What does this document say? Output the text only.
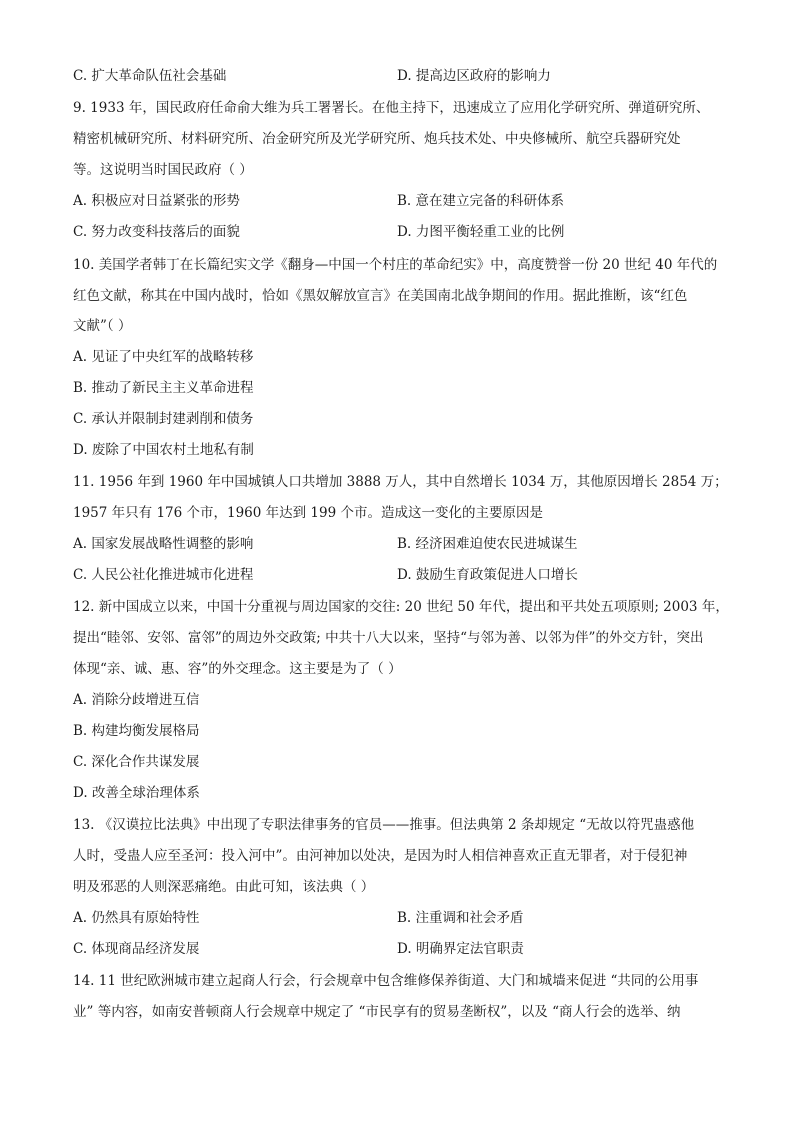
C. 扩大革命队伍社会基础	D. 提高边区政府的影响力
9. 1933 年，国民政府任命俞大维为兵工署署长。在他主持下，迅速成立了应用化学研究所、弹道研究所、
精密机械研究所、材料研究所、冶金研究所及光学研究所、炮兵技术处、中央修械所、航空兵器研究处
等。这说明当时国民政府（ ）
A. 积极应对日益紧张的形势	B. 意在建立完备的科研体系
C. 努力改变科技落后的面貌	D. 力图平衡轻重工业的比例
10. 美国学者韩丁在长篇纪实文学《翻身—中国一个村庄的革命纪实》中，高度赞誉一份 20 世纪 40 年代的
红色文献，称其在中国内战时，恰如《黑奴解放宣言》在美国南北战争期间的作用。据此推断，该“红色
文献”（ ）
A. 见证了中央红军的战略转移
B. 推动了新民主主义革命进程
C. 承认并限制封建剥削和债务
D. 废除了中国农村土地私有制
11. 1956 年到 1960 年中国城镇人口共增加 3888 万人，其中自然增长 1034 万，其他原因增长 2854 万；
1957 年只有 176 个市，1960 年达到 199 个市。造成这一变化的主要原因是
A. 国家发展战略性调整的影响	B. 经济困难迫使农民进城谋生
C. 人民公社化推进城市化进程	D. 鼓励生育政策促进人口增长
12. 新中国成立以来，中国十分重视与周边国家的交往: 20 世纪 50 年代，提出和平共处五项原则; 2003 年，
提出“睦邻、安邻、富邻”的周边外交政策; 中共十八大以来，坚持“与邻为善、以邻为伴”的外交方针，突出
体现“亲、诚、惠、容”的外交理念。这主要是为了（ ）
A. 消除分歧增进互信
B. 构建均衡发展格局
C. 深化合作共谋发展
D. 改善全球治理体系
13. 《汉谟拉比法典》中出现了专职法律事务的官员——推事。但法典第 2 条却规定 “无故以符咒蛊惑他
人时，受蛊人应至圣河：投入河中”。由河神加以处决，是因为时人相信神喜欢正直无罪者，对于侵犯神
明及邪恶的人则深恶痛绝。由此可知，该法典（ ）
A. 仍然具有原始特性	B. 注重调和社会矛盾
C. 体现商品经济发展	D. 明确界定法官职责
14. 11 世纪欧洲城市建立起商人行会，行会规章中包含维修保养街道、大门和城墙来促进 “共同的公用事
业” 等内容，如南安普顿商人行会规章中规定了 “市民享有的贸易垄断权”，以及 “商人行会的选举、纳
